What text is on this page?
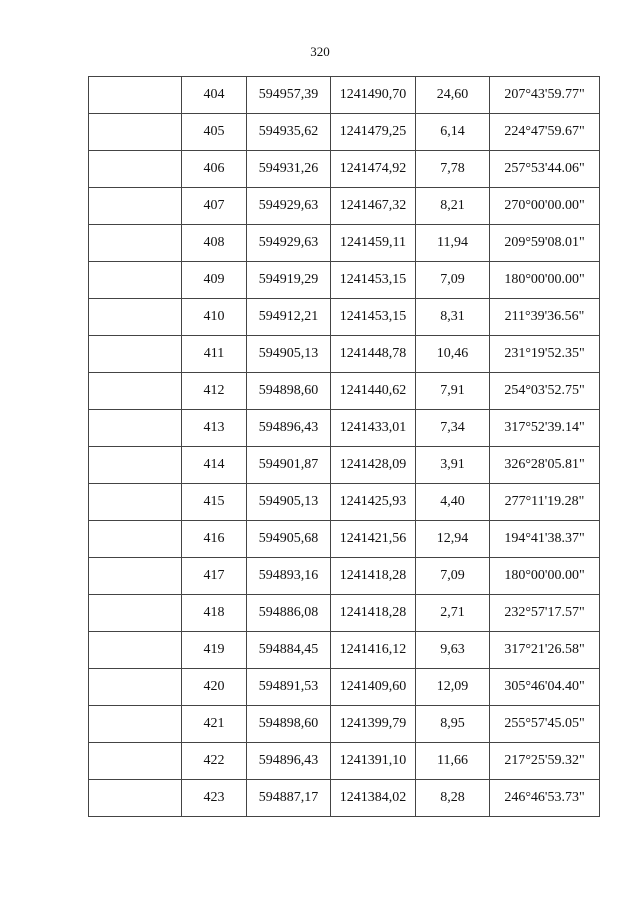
320
	404	594957,39	1241490,70	24,60	207°43'59.77"
	405	594935,62	1241479,25	6,14	224°47'59.67"
	406	594931,26	1241474,92	7,78	257°53'44.06"
	407	594929,63	1241467,32	8,21	270°00'00.00"
	408	594929,63	1241459,11	11,94	209°59'08.01"
	409	594919,29	1241453,15	7,09	180°00'00.00"
	410	594912,21	1241453,15	8,31	211°39'36.56"
	411	594905,13	1241448,78	10,46	231°19'52.35"
	412	594898,60	1241440,62	7,91	254°03'52.75"
	413	594896,43	1241433,01	7,34	317°52'39.14"
	414	594901,87	1241428,09	3,91	326°28'05.81"
	415	594905,13	1241425,93	4,40	277°11'19.28"
	416	594905,68	1241421,56	12,94	194°41'38.37"
	417	594893,16	1241418,28	7,09	180°00'00.00"
	418	594886,08	1241418,28	2,71	232°57'17.57"
	419	594884,45	1241416,12	9,63	317°21'26.58"
	420	594891,53	1241409,60	12,09	305°46'04.40"
	421	594898,60	1241399,79	8,95	255°57'45.05"
	422	594896,43	1241391,10	11,66	217°25'59.32"
	423	594887,17	1241384,02	8,28	246°46'53.73"
